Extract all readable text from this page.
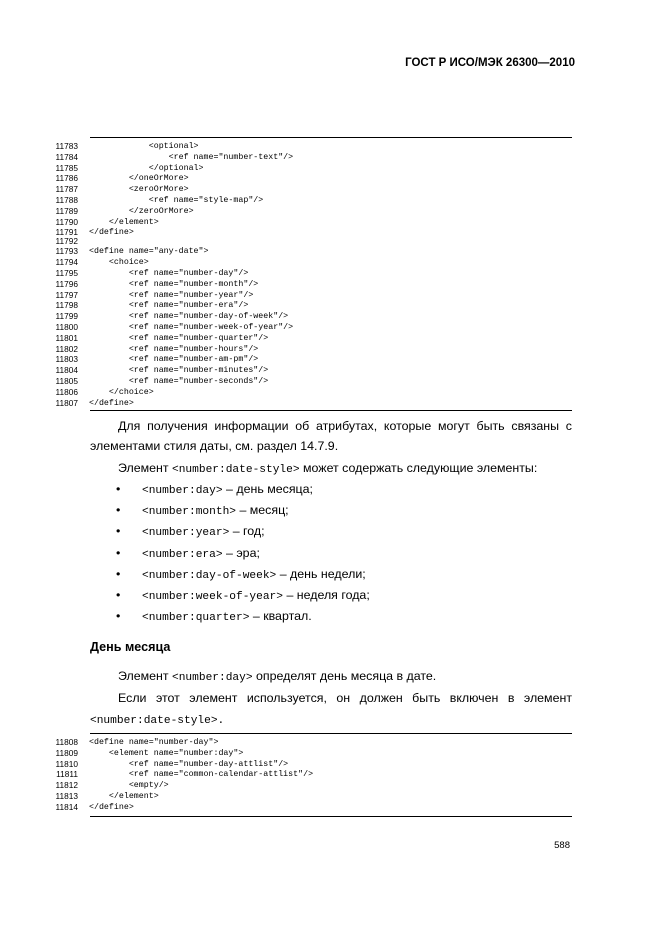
ГОСТ Р ИСО/МЭК 26300—2010
11783 <optional>
11784 <ref name="number-text"/>
11785 </optional>
11786 </oneOrMore>
11787 <zeroOrMore>
11788 <ref name="style-map"/>
11789 </zeroOrMore>
11790 </element>
11791 </define>
11792
11793 <define name="any-date">
11794 <choice>
11795 <ref name="number-day"/>
11796 <ref name="number-month"/>
11797 <ref name="number-year"/>
11798 <ref name="number-era"/>
11799 <ref name="number-day-of-week"/>
11800 <ref name="number-week-of-year"/>
11801 <ref name="number-quarter"/>
11802 <ref name="number-hours"/>
11803 <ref name="number-am-pm"/>
11804 <ref name="number-minutes"/>
11805 <ref name="number-seconds"/>
11806 </choice>
11807 </define>
Для получения информации об атрибутах, которые могут быть связаны с
элементами стиля даты, см. раздел 14.7.9.
Элемент <number:date-style> может содержать следующие элементы:
• <number:day> – день месяца;
• <number:month> – месяц;
• <number:year> – год;
• <number:era> – эра;
• <number:day-of-week> – день недели;
• <number:week-of-year> – неделя года;
• <number:quarter> – квартал.
День месяца
Элемент <number:day> определят день месяца в дате.
Если этот элемент используется, он должен быть включен в элемент
<number:date-style>.
11808 <define name="number-day">
11809 <element name="number:day">
11810 <ref name="number-day-attlist"/>
11811 <ref name="common-calendar-attlist"/>
11812 <empty/>
11813 </element>
11814 </define>
588
